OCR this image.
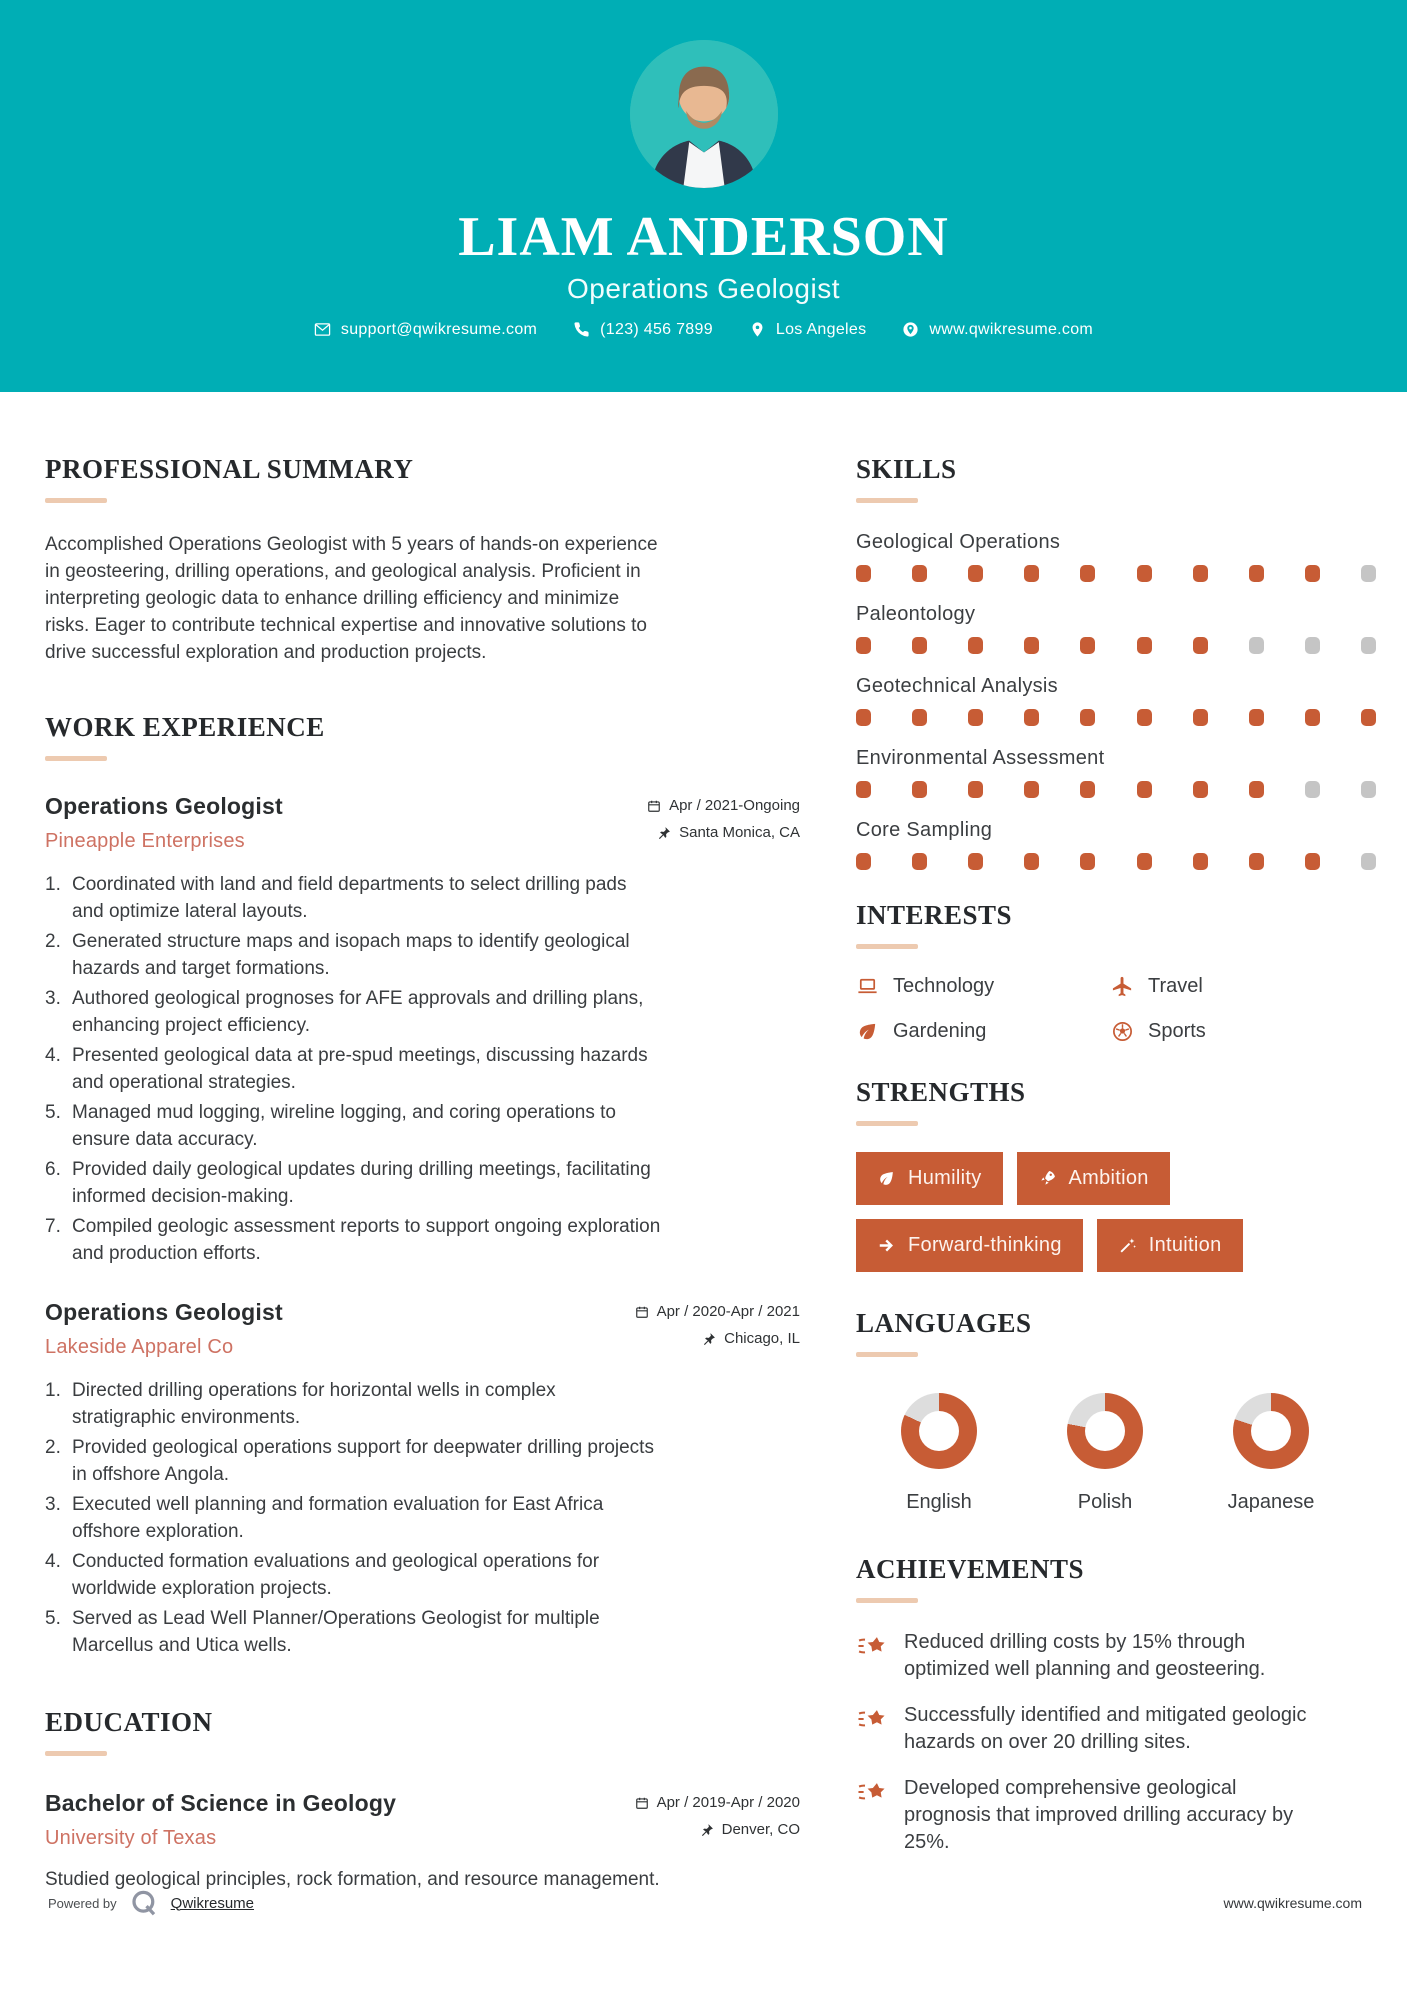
LIAM ANDERSON
Operations Geologist
support@qwikresume.com	(123) 456 7899	Los Angeles	www.qwikresume.com
PROFESSIONAL SUMMARY

Accomplished Operations Geologist with 5 years of hands-on experience in geosteering, drilling operations, and geological analysis. Proficient in interpreting geologic data to enhance drilling efficiency and minimize risks. Eager to contribute technical expertise and innovative solutions to drive successful exploration and production projects.

WORK EXPERIENCE
Operations Geologist
Pineapple Enterprises
Apr / 2021-Ongoing
Santa Monica, CA
Coordinated with land and field departments to select drilling pads and optimize lateral layouts.
Generated structure maps and isopach maps to identify geological hazards and target formations.
Authored geological prognoses for AFE approvals and drilling plans, enhancing project efficiency.
Presented geological data at pre-spud meetings, discussing hazards and operational strategies.
Managed mud logging, wireline logging, and coring operations to ensure data accuracy.
Provided daily geological updates during drilling meetings, facilitating informed decision-making.
Compiled geologic assessment reports to support ongoing exploration and production efforts.
Operations Geologist
Lakeside Apparel Co
Apr / 2020-Apr / 2021
Chicago, IL
Directed drilling operations for horizontal wells in complex stratigraphic environments.
Provided geological operations support for deepwater drilling projects in offshore Angola.
Executed well planning and formation evaluation for East Africa offshore exploration.
Conducted formation evaluations and geological operations for worldwide exploration projects.
Served as Lead Well Planner/Operations Geologist for multiple Marcellus and Utica wells.
EDUCATION
Bachelor of Science in Geology
University of Texas
Apr / 2019-Apr / 2020
Denver, CO

Studied geological principles, rock formation, and resource management.

SKILLS
Geological Operations
Paleontology
Geotechnical Analysis
Environmental Assessment
Core Sampling
INTERESTS
Technology	Travel
Gardening	Sports
STRENGTHS
Humility	Ambition
Forward-thinking	Intuition
LANGUAGES
English	Polish	Japanese
ACHIEVEMENTS
Reduced drilling costs by 15% through optimized well planning and geosteering.
Successfully identified and mitigated geologic hazards on over 20 drilling sites.
Developed comprehensive geological prognosis that improved drilling accuracy by 25%.
Powered by	Qwikresume	www.qwikresume.com
